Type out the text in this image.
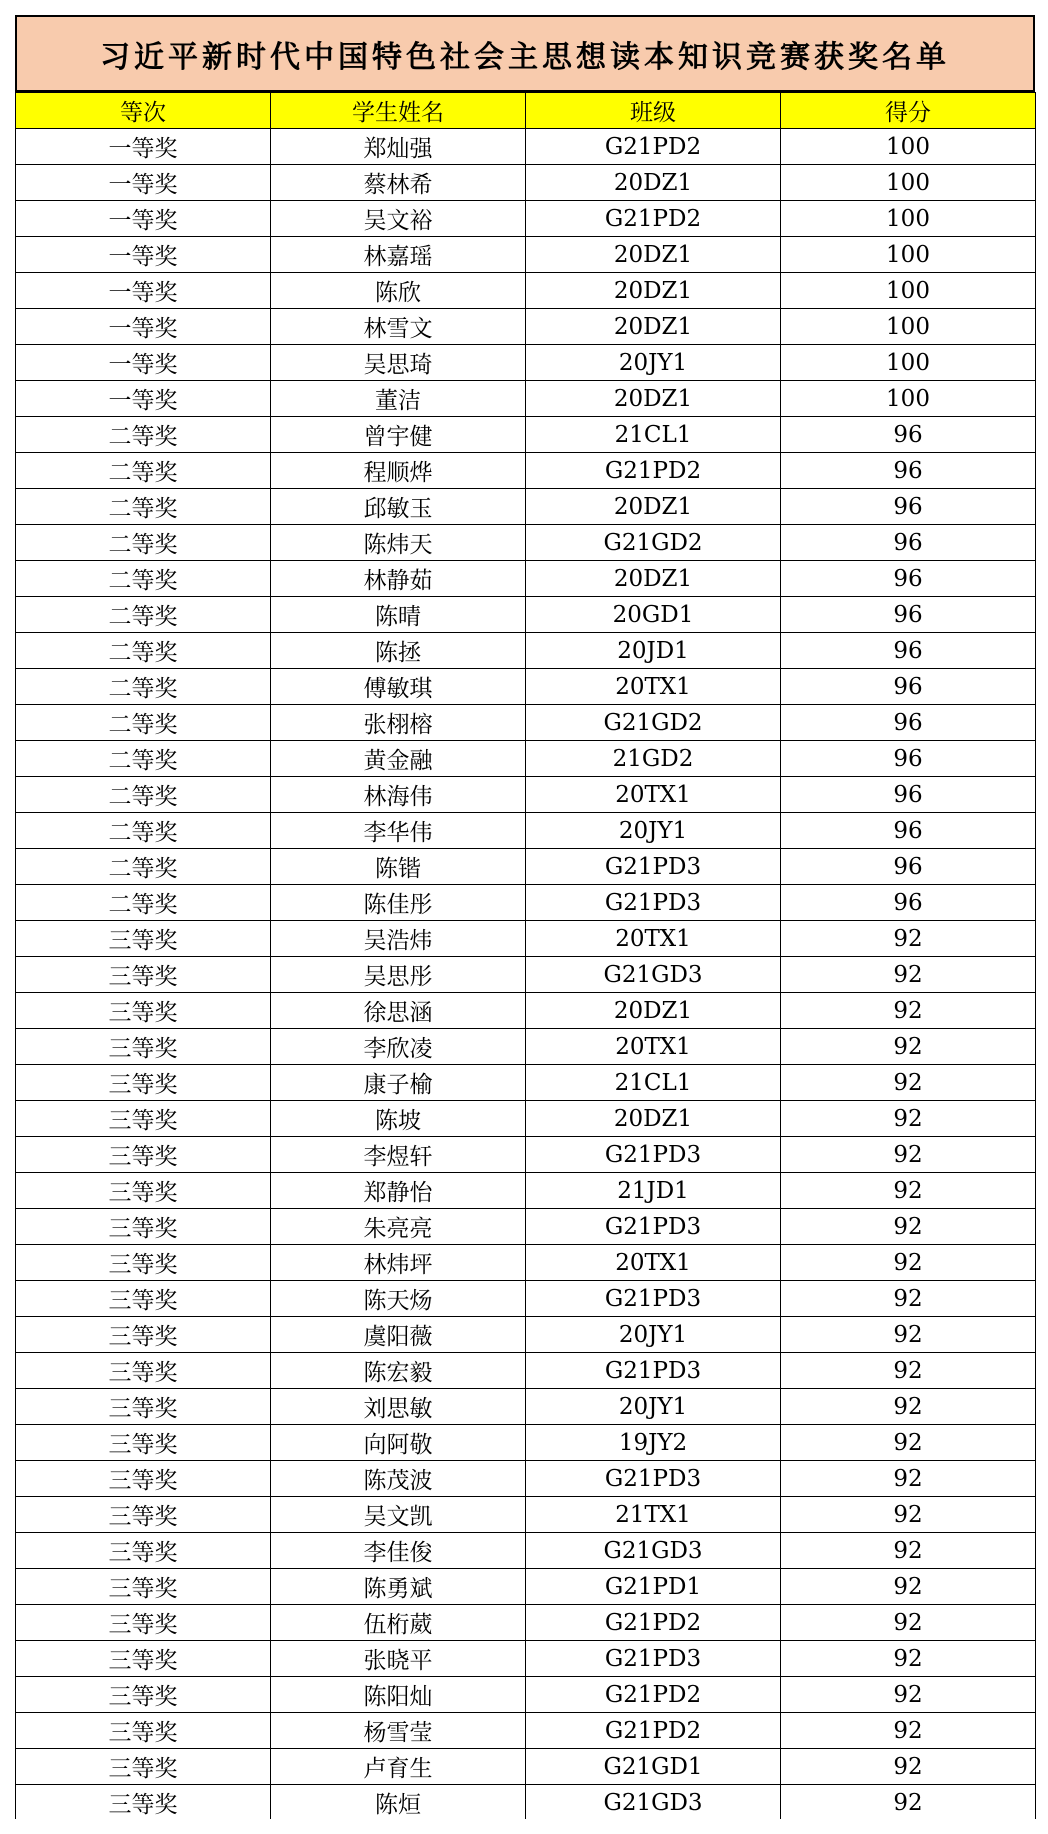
习近平新时代中国特色社会主思想读本知识竞赛获奖名单
等次	学生姓名	班级	得分
一等奖	郑灿强	G21PD2	100
一等奖	蔡林希	20DZ1	100
一等奖	吴文裕	G21PD2	100
一等奖	林嘉瑶	20DZ1	100
一等奖	陈欣	20DZ1	100
一等奖	林雪文	20DZ1	100
一等奖	吴思琦	20JY1	100
一等奖	董洁	20DZ1	100
二等奖	曾宇健	21CL1	96
二等奖	程顺烨	G21PD2	96
二等奖	邱敏玉	20DZ1	96
二等奖	陈炜天	G21GD2	96
二等奖	林静茹	20DZ1	96
二等奖	陈晴	20GD1	96
二等奖	陈拯	20JD1	96
二等奖	傅敏琪	20TX1	96
二等奖	张栩榕	G21GD2	96
二等奖	黄金融	21GD2	96
二等奖	林海伟	20TX1	96
二等奖	李华伟	20JY1	96
二等奖	陈锴	G21PD3	96
二等奖	陈佳彤	G21PD3	96
三等奖	吴浩炜	20TX1	92
三等奖	吴思彤	G21GD3	92
三等奖	徐思涵	20DZ1	92
三等奖	李欣凌	20TX1	92
三等奖	康子榆	21CL1	92
三等奖	陈坡	20DZ1	92
三等奖	李煜轩	G21PD3	92
三等奖	郑静怡	21JD1	92
三等奖	朱亮亮	G21PD3	92
三等奖	林炜坪	20TX1	92
三等奖	陈天炀	G21PD3	92
三等奖	虞阳薇	20JY1	92
三等奖	陈宏毅	G21PD3	92
三等奖	刘思敏	20JY1	92
三等奖	向阿敬	19JY2	92
三等奖	陈茂波	G21PD3	92
三等奖	吴文凯	21TX1	92
三等奖	李佳俊	G21GD3	92
三等奖	陈勇斌	G21PD1	92
三等奖	伍桁葳	G21PD2	92
三等奖	张晓平	G21PD3	92
三等奖	陈阳灿	G21PD2	92
三等奖	杨雪莹	G21PD2	92
三等奖	卢育生	G21GD1	92
三等奖	陈烜	G21GD3	92
